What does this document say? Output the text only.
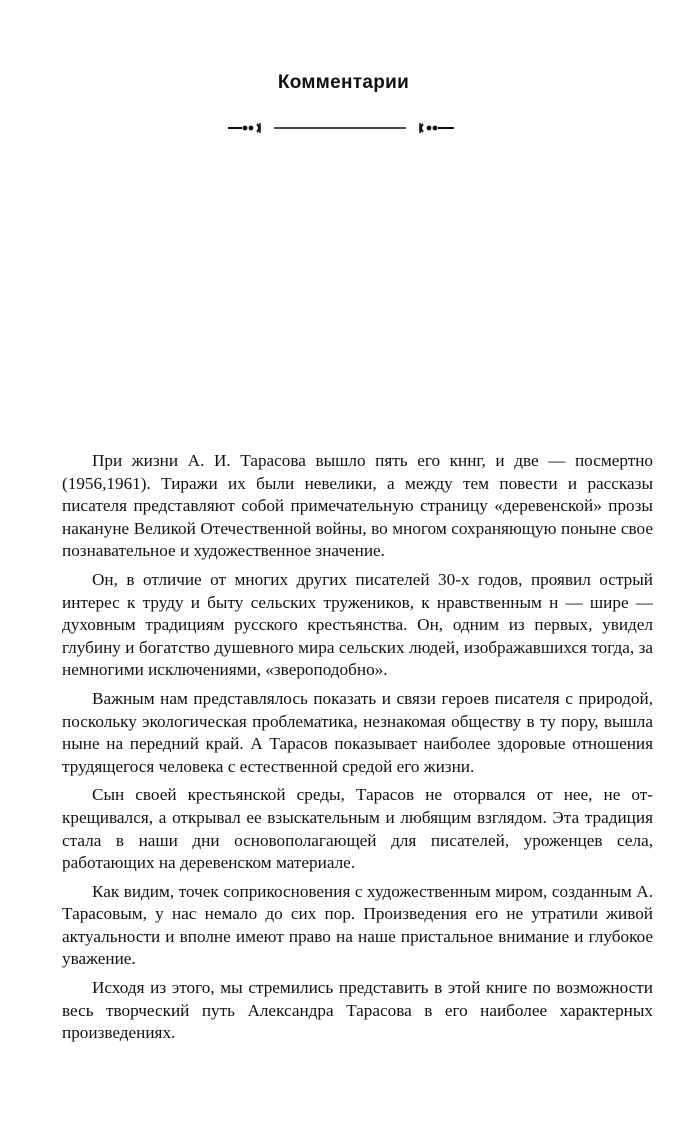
Комментарии

При жизни А. И. Тарасова вышло пять его кннг, и две — посмертно (1956,1961). Тиражи их были невелики, а между тем повести и рассказы писателя представляют собой примечательную страницу «деревенской» прозы накануне Великой Отечественной войны, во многом сохраняющую поныне свое познавательное и художественное значение.

Он, в отличие от многих других писателей 30-х годов, проявил острый интерес к труду и быту сельских тружеников, к нравственным н — шире — духовным традициям русского крестьянства. Он, одним из первых, увидел глубину и богатство душевного мира сельских людей, изображавшихся тогда, за немногими исключениями, «звероподобно».

Важным нам представлялось показать и связи героев писателя с природой, поскольку экологическая проблематика, незнакомая обществу в ту пору, вышла ныне на передний край. А Тарасов показывает наиболее здоровые отношения трудящегося человека с естественной средой его жизни.

Сын своей крестьянской среды, Тарасов не оторвался от нее, не открещивался, а открывал ее взыскательным и любящим взглядом. Эта традиция стала в наши дни основополагающей для писателей, уроженцев села, работающих на деревенском материале.

Как видим, точек соприкосновения с художественным миром, созданным А. Тарасовым, у нас немало до сих пор. Произведения его не утратили живой актуальности и вполне имеют право на наше пристальное внимание и глубокое уважение.

Исходя из этого, мы стремились представить в этой книге по возможности весь творческий путь Александра Тарасова в его наиболее характерных произведениях.
